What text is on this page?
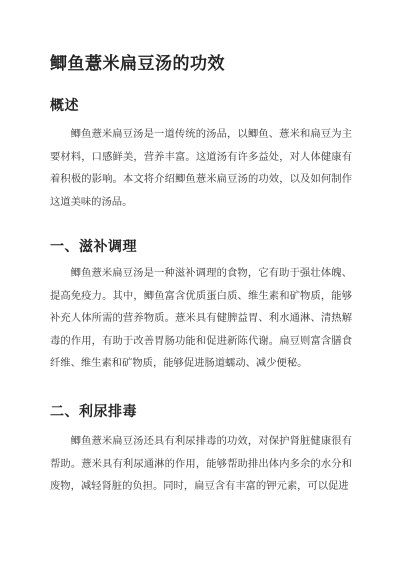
鲫鱼薏米扁豆汤的功效
概述

鲫鱼薏米扁豆汤是一道传统的汤品，以鲫鱼、薏米和扁豆为主要材料，口感鲜美，营养丰富。这道汤有许多益处，对人体健康有着积极的影响。本文将介绍鲫鱼薏米扁豆汤的功效，以及如何制作这道美味的汤品。

一、滋补调理

鲫鱼薏米扁豆汤是一种滋补调理的食物，它有助于强壮体魄、提高免疫力。其中，鲫鱼富含优质蛋白质、维生素和矿物质，能够补充人体所需的营养物质。薏米具有健脾益胃、利水通淋、清热解毒的作用，有助于改善胃肠功能和促进新陈代谢。扁豆则富含膳食纤维、维生素和矿物质，能够促进肠道蠕动、减少便秘。

二、利尿排毒

鲫鱼薏米扁豆汤还具有利尿排毒的功效，对保护肾脏健康很有帮助。薏米具有利尿通淋的作用，能够帮助排出体内多余的水分和废物，减轻肾脏的负担。同时，扁豆含有丰富的钾元素，可以促进
